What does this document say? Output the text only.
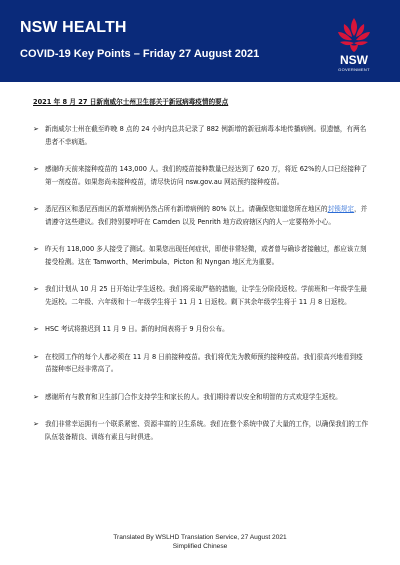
NSW HEALTH
COVID-19 Key Points – Friday 27 August 2021	NSW
GOVERNMENT
2021 年 8 月 27 日新南威尔士州卫生部关于新冠病毒疫情的要点
➢ 新南威尔士州在截至昨晚 8 点的 24 小时内总共记录了 882 例新增的新冠病毒本地传播病例。很遗憾，有两名患者不幸病逝。
➢ 感谢昨天前来接种疫苗的 143,000 人。我们的疫苗接种数量已经达到了 620 万，将近 62%的人口已经接种了第一剂疫苗。如果您尚未接种疫苗，请尽快访问 nsw.gov.au 网站预约接种疫苗。
➢ 悉尼西区和悉尼西南区的新增病例仍然占所有新增病例的 80% 以上。请确保您知道您所在地区的封锁规定，并请遵守这些建议。我们特别要呼吁在 Camden 以及 Penrith 地方政府辖区内的人一定要格外小心。
➢ 昨天有 118,000 多人接受了测试。如果您出现任何症状，即使非常轻微，或者曾与确诊者接触过，都应该立刻接受检测。这在 Tamworth、Merimbula、Picton 和 Nyngan 地区尤为重要。
➢ 我们计划从 10 月 25 日开始让学生返校。我们将采取严格的措施，让学生分阶段返校。学前班和一年级学生最先返校。二年级、六年级和十一年级学生将于 11 月 1 日返校。剩下其余年级学生将于 11 月 8 日返校。
➢ HSC 考试将推迟到 11 月 9 日。新的时间表将于 9 月份公布。
➢ 在校园工作的每个人都必须在 11 月 8 日前接种疫苗。我们将优先为教师预约接种疫苗。我们很高兴地看到疫苗接种率已经非常高了。
➢ 感谢所有与教育和卫生部门合作支持学生和家长的人。我们期待着以安全和明智的方式欢迎学生返校。
➢ 我们非常幸运拥有一个联系紧密、资源丰富的卫生系统。我们在整个系统中做了大量的工作，以确保我们的工作队伍装备精良、训练有素且与时俱进。
Translated By WSLHD Translation Service, 27 August 2021
Simplified Chinese
